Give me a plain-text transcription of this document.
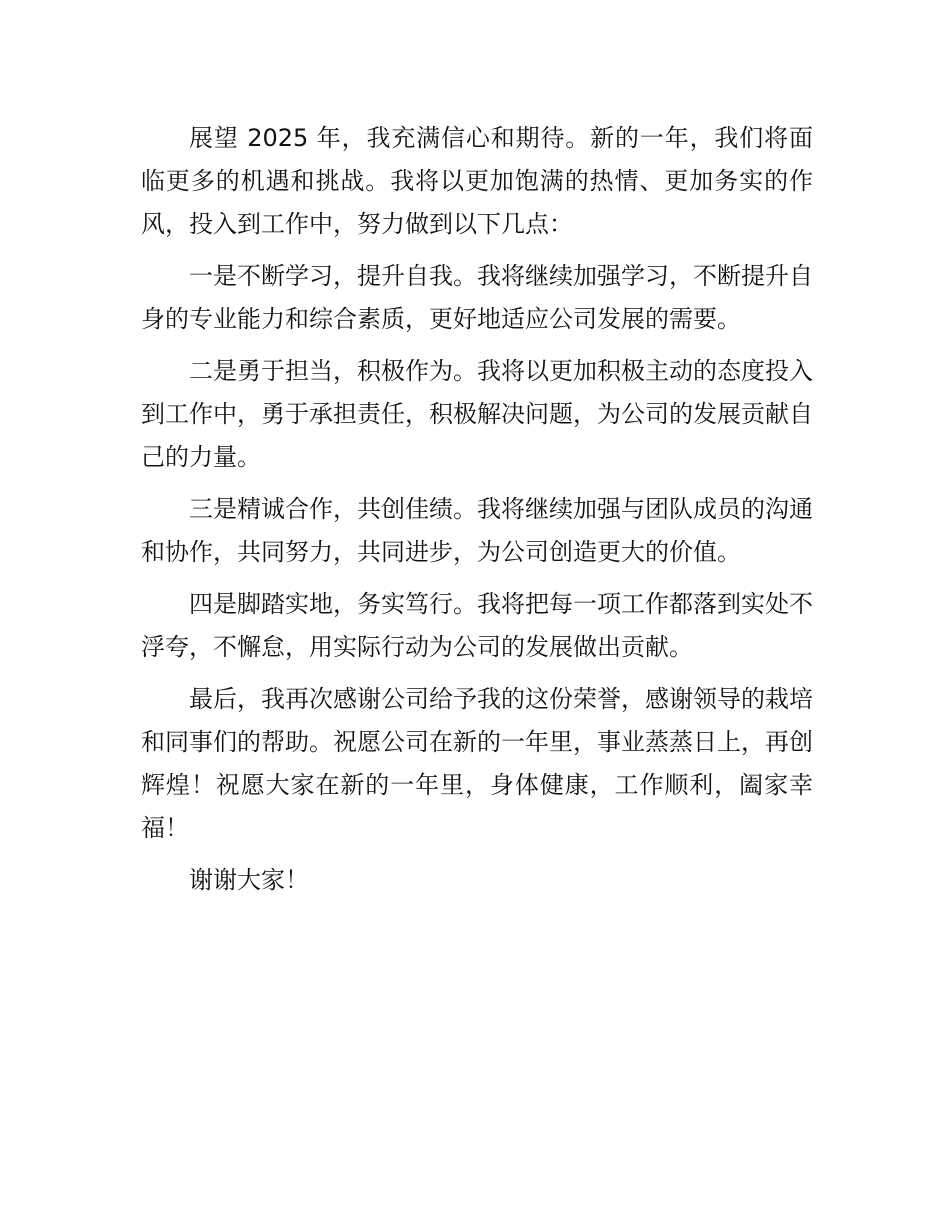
展望 2025 年，我充满信心和期待。新的一年，我们将面临更多的机遇和挑战。我将以更加饱满的热情、更加务实的作风，投入到工作中，努力做到以下几点：

一是不断学习，提升自我。我将继续加强学习，不断提升自身的专业能力和综合素质，更好地适应公司发展的需要。

二是勇于担当，积极作为。我将以更加积极主动的态度投入到工作中，勇于承担责任，积极解决问题，为公司的发展贡献自己的力量。

三是精诚合作，共创佳绩。我将继续加强与团队成员的沟通和协作，共同努力，共同进步，为公司创造更大的价值。

四是脚踏实地，务实笃行。我将把每一项工作都落到实处不浮夸，不懈怠，用实际行动为公司的发展做出贡献。

最后，我再次感谢公司给予我的这份荣誉，感谢领导的栽培和同事们的帮助。祝愿公司在新的一年里，事业蒸蒸日上，再创辉煌！祝愿大家在新的一年里，身体健康，工作顺利，阖家幸福！

谢谢大家！
